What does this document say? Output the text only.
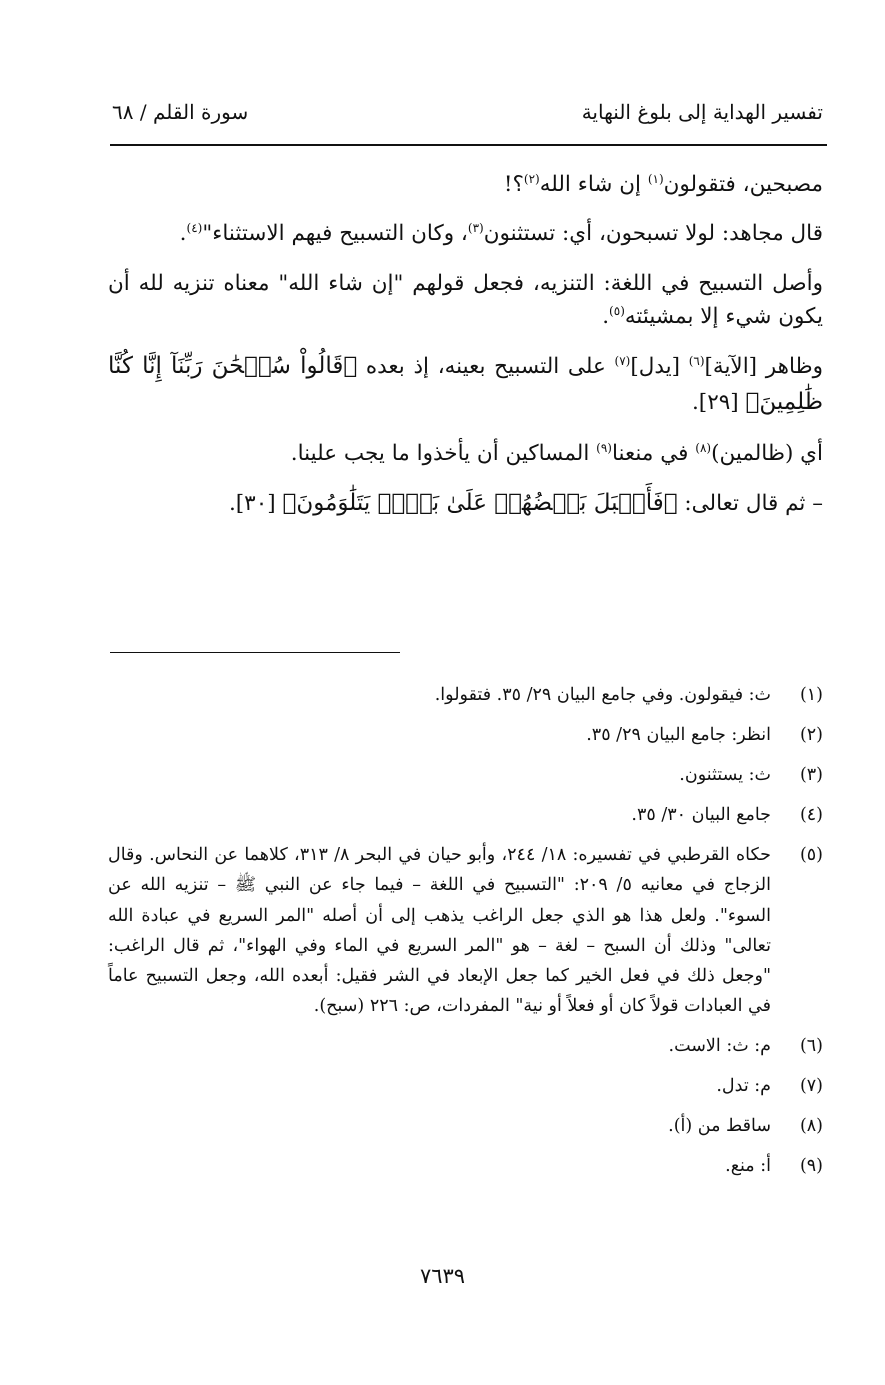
تفسير الهداية إلى بلوغ النهاية
سورة القلم / ٦٨

مصبحين، فتقولون$^{(١)}$ إن شاء الله$^{(٢)}$؟!

قال مجاهد: لولا تسبحون، أي: تستثنون$^{(٣)}$، وكان التسبيح فيهم الاستثناء"$^{(٤)}$.

وأصل التسبيح في اللغة: التنزيه، فجعل قولهم "إن شاء الله" معناه تنزيه لله أن يكون شيء إلا بمشيئته$^{(٥)}$.

وظاهر [الآية]$^{(٦)}$ [يدل]$^{(٧)}$ على التسبيح بعينه، إذ بعده ﴿قَالُواْ سُبۡحَٰنَ رَبِّنَآ إِنَّا كُنَّا ظَٰلِمِينَ﴾ [٢٩].

أي (ظالمين)$^{(٨)}$ في منعنا$^{(٩)}$ المساكين أن يأخذوا ما يجب علينا.

– ثم قال تعالى: ﴿فَأَقۡبَلَ بَعۡضُهُمۡ عَلَىٰ بَعۡضٖ يَتَلَٰوَمُونَ﴾ [٣٠].

(١)
ث: فيقولون. وفي جامع البيان ٢٩/ ٣٥. فتقولوا.
(٢)
انظر: جامع البيان ٢٩/ ٣٥.
(٣)
ث: يستثنون.
(٤)
جامع البيان ٣٠/ ٣٥.
(٥)
حكاه القرطبي في تفسيره: ١٨/ ٢٤٤، وأبو حيان في البحر ٨/ ٣١٣، كلاهما عن النحاس. وقال الزجاج في معانيه ٥/ ٢٠٩: "التسبيح في اللغة – فيما جاء عن النبي ﷺ – تنزيه الله عن السوء". ولعل هذا هو الذي جعل الراغب يذهب إلى أن أصله "المر السريع في عبادة الله تعالى" وذلك أن السبح – لغة – هو "المر السريع في الماء وفي الهواء"، ثم قال الراغب: "وجعل ذلك في فعل الخير كما جعل الإبعاد في الشر فقيل: أبعده الله، وجعل التسبيح عاماً في العبادات قولاً كان أو فعلاً أو نية" المفردات، ص: ٢٢٦ (سبح).
(٦)
م: ث: الاست.
(٧)
م: تدل.
(٨)
ساقط من (أ).
(٩)
أ: منع.
٧٦٣٩
